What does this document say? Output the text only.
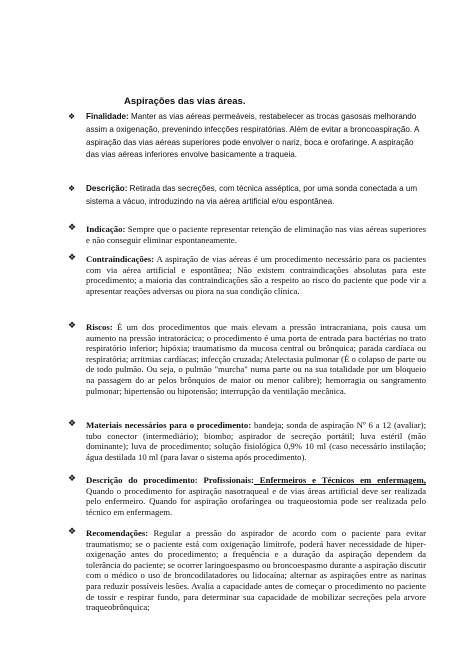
Aspirações das vias áreas.
❖ Finalidade: Manter as vias aéreas permeáveis, restabelecer as trocas gasosas melhorando assim a oxigenação, prevenindo infecções respiratórias. Além de evitar a broncoaspiração. A aspiração das vias aéreas superiores pode envolver o nariz, boca e orofaringe. A aspiração das vias aéreas inferiores envolve basicamente a traqueia.
❖ Descrição: Retirada das secreções, com técnica asséptica, por uma sonda conectada a um sistema a vácuo, introduzindo na via aérea artificial e/ou espontânea.
❖ Indicação: Sempre que o paciente representar retenção de eliminação nas vias aéreas superiores e não conseguir eliminar espontaneamente.
❖ Contraindicações: A aspiração de vias aéreas é um procedimento necessário para os pacientes com via aérea artificial e espontânea; Não existem contraindicações absolutas para este procedimento; a maioria das contraindicações são a respeito ao risco do paciente que pode vir a apresentar reações adversas ou piora na sua condição clínica.
❖ Riscos: É um dos procedimentos que mais elevam a pressão intracraniana, pois causa um aumento na pressão intratorácica; o procedimento é uma porta de entrada para bactérias no trato respiratório inferior; hipóxia; traumatismo da mucosa central ou brônquica; parada cardíaca ou respiratória; arritmias cardíacas; infecção cruzada; Atelectasia pulmonar (É o colapso de parte ou de todo pulmão. Ou seja, o pulmão "murcha" numa parte ou na sua totalidade por um bloqueio na passagem do ar pelos brônquios de maior ou menor calibre); hemorragia ou sangramento pulmonar; hipertensão ou hipotensão; interrupção da ventilação mecânica.
❖ Materiais necessários para o procedimento: bandeja; sonda de aspiração Nº 6 a 12 (avaliar); tubo conector (intermediário); biombo; aspirador de secreção portátil; luva estéril (mão dominante); luva de procedimento; solução fisiológica 0,9% 10 ml (caso necessário instilação; água destilada 10 ml (para lavar o sistema após procedimento).
❖ Descrição do procedimento: Profissionais: Enfermeiros e Técnicos em enfermagem, Quando o procedimento for aspiração nasotraqueal e de vias áreas artificial deve ser realizada pelo enfermeiro. Quando for aspiração orofaríngea ou traqueostomia pode ser realizada pelo técnico em enfermagem.
❖ Recomendações: Regular a pressão do aspirador de acordo com o paciente para evitar traumatismo; se o paciente está com oxigenação limítrofe, poderá haver necessidade de hiper-oxigenação antes do procedimento; a frequência e a duração da aspiração dependem da tolerância do paciente; se ocorrer laringoespasmo ou broncoespasmo durante a aspiração discutir com o médico o uso de broncodilatadores ou lidocaína; alternar as aspirações entre as narinas para reduzir possíveis lesões. Avalia a capacidade antes de começar o procedimento no paciente de tossir e respirar fundo, para determinar sua capacidade de mobilizar secreções pela arvore traqueobrônquica;
